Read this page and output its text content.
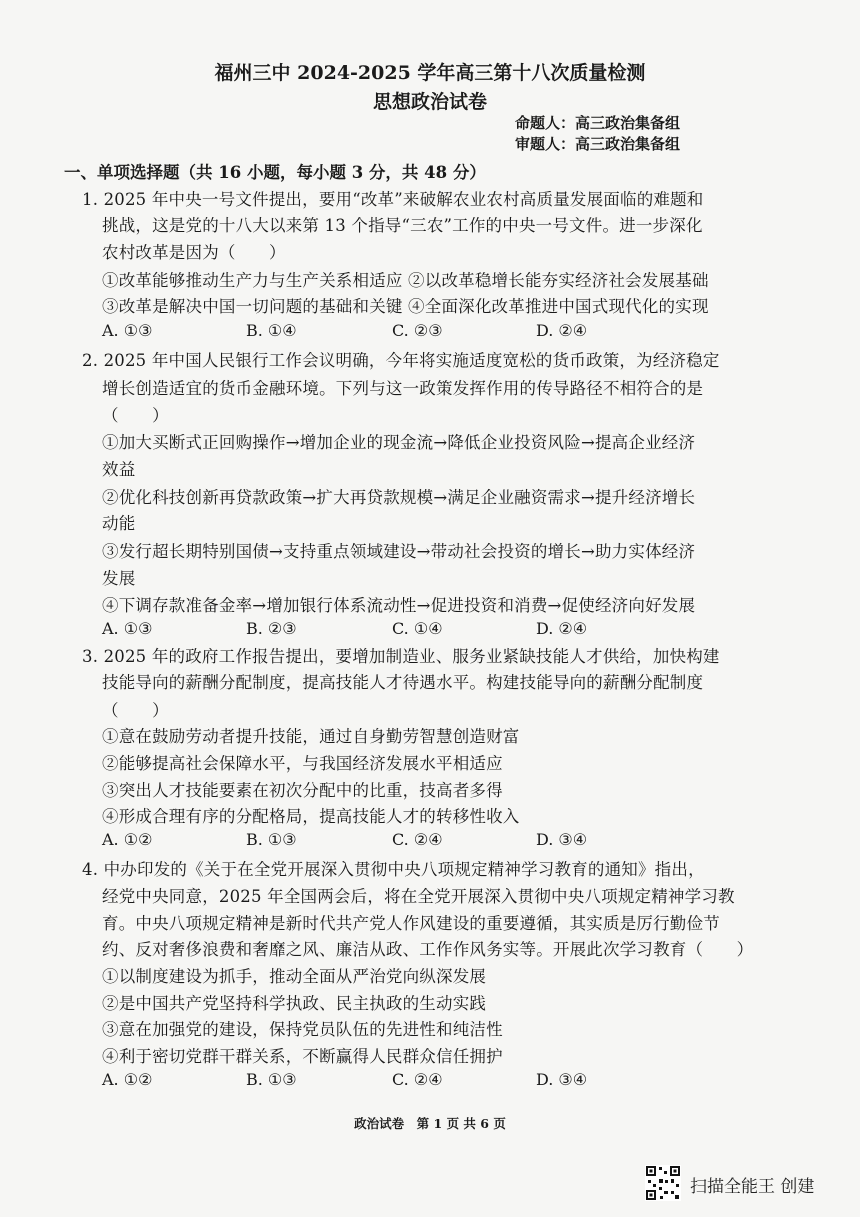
福州三中 2024-2025 学年高三第十八次质量检测
思想政治试卷
命题人：高三政治集备组
审题人：高三政治集备组
一、单项选择题（共 16 小题，每小题 3 分，共 48 分）
1. 2025 年中央一号文件提出，要用“改革”来破解农业农村高质量发展面临的难题和
挑战，这是党的十八大以来第 13 个指导“三农”工作的中央一号文件。进一步深化
农村改革是因为（　　）
①改革能够推动生产力与生产关系相适应 ②以改革稳增长能夯实经济社会发展基础
③改革是解决中国一切问题的基础和关键 ④全面深化改革推进中国式现代化的实现
A. ①③	B. ①④	C. ②③	D. ②④
2. 2025 年中国人民银行工作会议明确，今年将实施适度宽松的货币政策，为经济稳定
增长创造适宜的货币金融环境。下列与这一政策发挥作用的传导路径不相符合的是
（　　）
①加大买断式正回购操作→增加企业的现金流→降低企业投资风险→提高企业经济
效益
②优化科技创新再贷款政策→扩大再贷款规模→满足企业融资需求→提升经济增长
动能
③发行超长期特别国债→支持重点领域建设→带动社会投资的增长→助力实体经济
发展
④下调存款准备金率→增加银行体系流动性→促进投资和消费→促使经济向好发展
A. ①③	B. ②③	C. ①④	D. ②④
3. 2025 年的政府工作报告提出，要增加制造业、服务业紧缺技能人才供给，加快构建
技能导向的薪酬分配制度，提高技能人才待遇水平。构建技能导向的薪酬分配制度
（　　）
①意在鼓励劳动者提升技能，通过自身勤劳智慧创造财富
②能够提高社会保障水平，与我国经济发展水平相适应
③突出人才技能要素在初次分配中的比重，技高者多得
④形成合理有序的分配格局，提高技能人才的转移性收入
A. ①②	B. ①③	C. ②④	D. ③④
4. 中办印发的《关于在全党开展深入贯彻中央八项规定精神学习教育的通知》指出，
经党中央同意，2025 年全国两会后，将在全党开展深入贯彻中央八项规定精神学习教
育。中央八项规定精神是新时代共产党人作风建设的重要遵循，其实质是厉行勤俭节
约、反对奢侈浪费和奢靡之风、廉洁从政、工作作风务实等。开展此次学习教育（　　）
①以制度建设为抓手，推动全面从严治党向纵深发展
②是中国共产党坚持科学执政、民主执政的生动实践
③意在加强党的建设，保持党员队伍的先进性和纯洁性
④利于密切党群干群关系，不断赢得人民群众信任拥护
A. ①②	B. ①③	C. ②④	D. ③④
政治试卷　第 1 页 共 6 页
扫描全能王 创建
